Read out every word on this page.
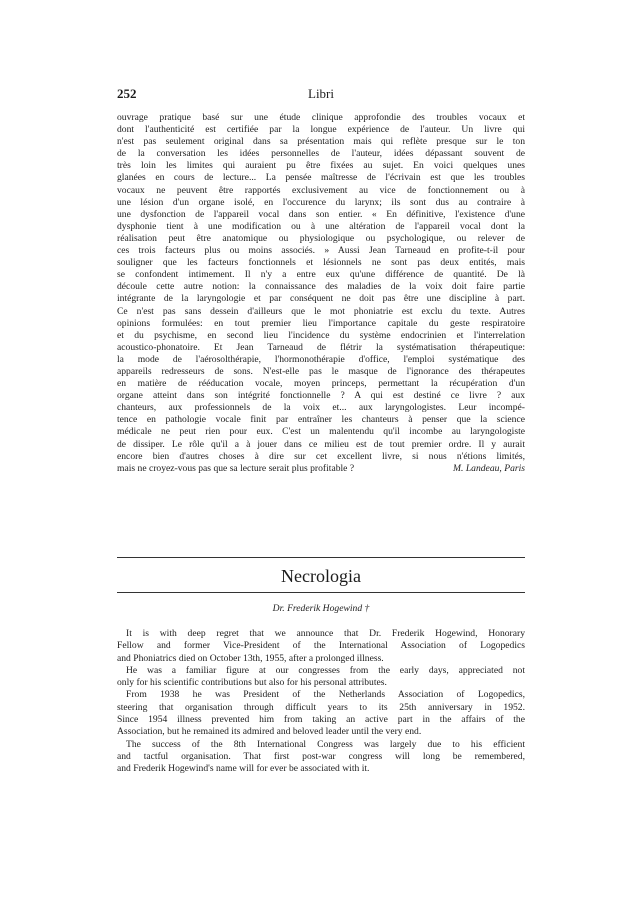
252	Libri
ouvrage pratique basé sur une étude clinique approfondie des troubles vocaux et
dont l'authenticité est certifiée par la longue expérience de l'auteur. Un livre qui
n'est pas seulement original dans sa présentation mais qui reflète presque sur le ton
de la conversation les idées personnelles de l'auteur, idées dépassant souvent de
très loin les limites qui auraient pu être fixées au sujet. En voici quelques unes
glanées en cours de lecture... La pensée maîtresse de l'écrivain est que les troubles
vocaux ne peuvent être rapportés exclusivement au vice de fonctionnement ou à
une lésion d'un organe isolé, en l'occurence du larynx; ils sont dus au contraire à
une dysfonction de l'appareil vocal dans son entier. « En définitive, l'existence d'une
dysphonie tient à une modification ou à une altération de l'appareil vocal dont la
réalisation peut être anatomique ou physiologique ou psychologique, ou relever de
ces trois facteurs plus ou moins associés. » Aussi Jean Tarneaud en profite-t-il pour
souligner que les facteurs fonctionnels et lésionnels ne sont pas deux entités, mais
se confondent intimement. Il n'y a entre eux qu'une différence de quantité. De là
découle cette autre notion: la connaissance des maladies de la voix doit faire partie
intégrante de la laryngologie et par conséquent ne doit pas être une discipline à part.
Ce n'est pas sans dessein d'ailleurs que le mot phoniatrie est exclu du texte. Autres
opinions formulées: en tout premier lieu l'importance capitale du geste respiratoire
et du psychisme, en second lieu l'incidence du système endocrinien et l'interrelation
acoustico-phonatoire. Et Jean Tarneaud de flétrir la systématisation thérapeutique:
la mode de l'aérosolthérapie, l'hormonothérapie d'office, l'emploi systématique des
appareils redresseurs de sons. N'est-elle pas le masque de l'ignorance des thérapeutes
en matière de rééducation vocale, moyen princeps, permettant la récupération d'un
organe atteint dans son intégrité fonctionnelle ? A qui est destiné ce livre ? aux
chanteurs, aux professionnels de la voix et... aux laryngologistes. Leur incompé-
tence en pathologie vocale finit par entraîner les chanteurs à penser que la science
médicale ne peut rien pour eux. C'est un malentendu qu'il incombe au laryngologiste
de dissiper. Le rôle qu'il a à jouer dans ce milieu est de tout premier ordre. Il y aurait
encore bien d'autres choses à dire sur cet excellent livre, si nous n'étions limités,
mais ne croyez-vous pas que sa lecture serait plus profitable ?	M. Landeau, Paris
Necrologia
Dr. Frederik Hogewind †
It is with deep regret that we announce that Dr. Frederik Hogewind, Honorary
Fellow and former Vice-President of the International Association of Logopedics
and Phoniatrics died on October 13th, 1955, after a prolonged illness.
He was a familiar figure at our congresses from the early days, appreciated not
only for his scientific contributions but also for his personal attributes.
From 1938 he was President of the Netherlands Association of Logopedics,
steering that organisation through difficult years to its 25th anniversary in 1952.
Since 1954 illness prevented him from taking an active part in the affairs of the
Association, but he remained its admired and beloved leader until the very end.
The success of the 8th International Congress was largely due to his efficient
and tactful organisation. That first post-war congress will long be remembered,
and Frederik Hogewind's name will for ever be associated with it.
